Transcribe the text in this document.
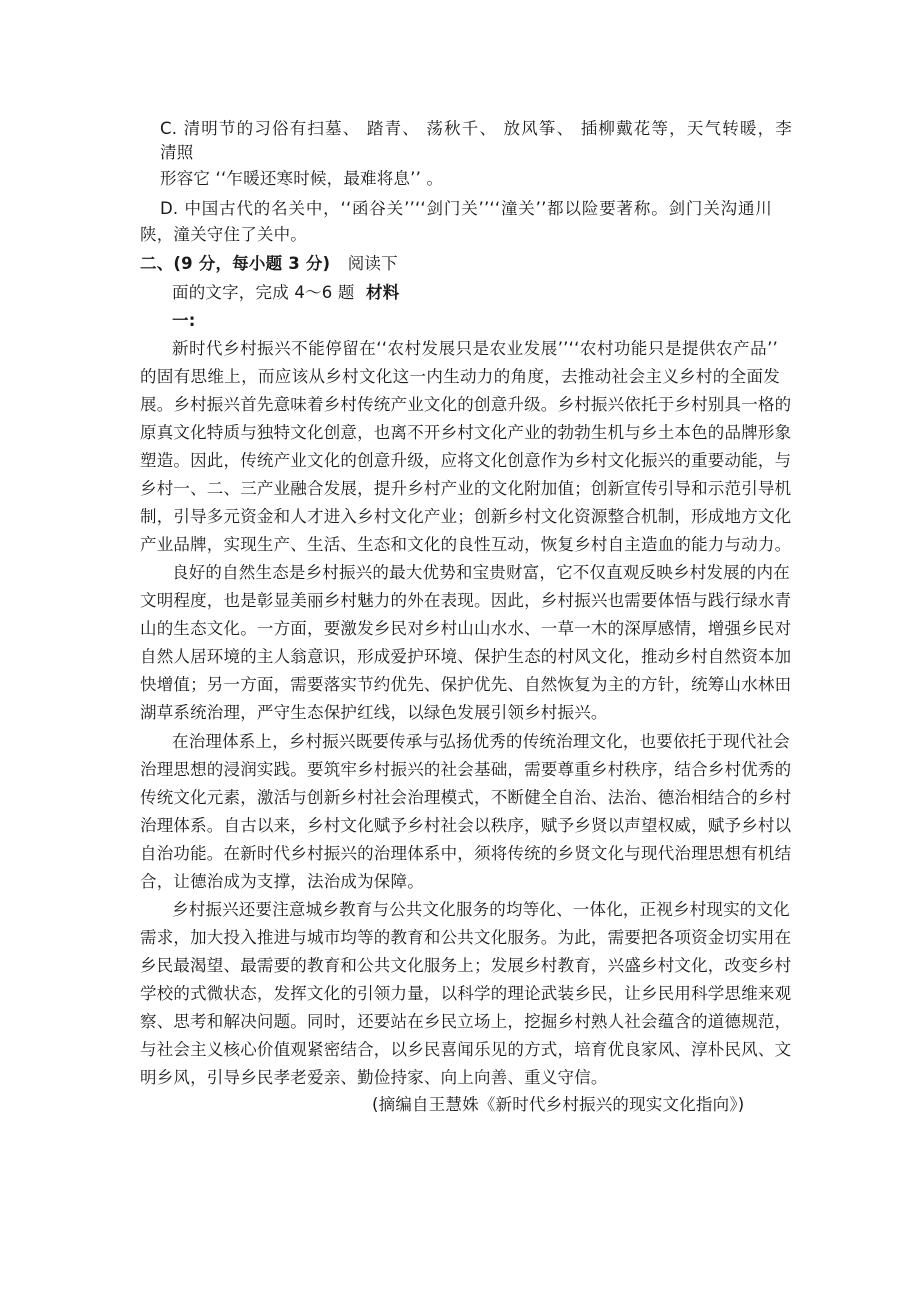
C. 清明节的习俗有扫墓、 踏青、 荡秋千、 放风筝、 插柳戴花等，天气转暖，李
清照
形容它 ‘‘乍暖还寒时候，最难将息’’ 。
D. 中国古代的名关中，‘‘函谷关’’‘‘剑门关’’‘‘潼关’’都以险要著称。剑门关沟通川
陕，潼关守住了关中。
二、(9 分，每小题 3 分) 阅读下
面的文字，完成 4～6 题 材料
一:
新时代乡村振兴不能停留在‘‘农村发展只是农业发展’’‘‘农村功能只是提供农产品’’
的固有思维上，而应该从乡村文化这一内生动力的角度，去推动社会主义乡村的全面发
展。乡村振兴首先意味着乡村传统产业文化的创意升级。乡村振兴依托于乡村别具一格的
原真文化特质与独特文化创意，也离不开乡村文化产业的勃勃生机与乡土本色的品牌形象
塑造。因此，传统产业文化的创意升级，应将文化创意作为乡村文化振兴的重要动能，与
乡村一、二、三产业融合发展，提升乡村产业的文化附加值；创新宣传引导和示范引导机
制，引导多元资金和人才进入乡村文化产业；创新乡村文化资源整合机制，形成地方文化
产业品牌，实现生产、生活、生态和文化的良性互动，恢复乡村自主造血的能力与动力。
良好的自然生态是乡村振兴的最大优势和宝贵财富，它不仅直观反映乡村发展的内在
文明程度，也是彰显美丽乡村魅力的外在表现。因此，乡村振兴也需要体悟与践行绿水青
山的生态文化。一方面，要激发乡民对乡村山山水水、一草一木的深厚感情，增强乡民对
自然人居环境的主人翁意识，形成爱护环境、保护生态的村风文化，推动乡村自然资本加
快增值；另一方面，需要落实节约优先、保护优先、自然恢复为主的方针，统筹山水林田
湖草系统治理，严守生态保护红线，以绿色发展引领乡村振兴。
在治理体系上，乡村振兴既要传承与弘扬优秀的传统治理文化，也要依托于现代社会
治理思想的浸润实践。要筑牢乡村振兴的社会基础，需要尊重乡村秩序，结合乡村优秀的
传统文化元素，激活与创新乡村社会治理模式，不断健全自治、法治、德治相结合的乡村
治理体系。自古以来，乡村文化赋予乡村社会以秩序，赋予乡贤以声望权威，赋予乡村以
自治功能。在新时代乡村振兴的治理体系中，须将传统的乡贤文化与现代治理思想有机结
合，让德治成为支撑，法治成为保障。
乡村振兴还要注意城乡教育与公共文化服务的均等化、一体化，正视乡村现实的文化
需求，加大投入推进与城市均等的教育和公共文化服务。为此，需要把各项资金切实用在
乡民最渴望、最需要的教育和公共文化服务上；发展乡村教育，兴盛乡村文化，改变乡村
学校的式微状态，发挥文化的引领力量，以科学的理论武装乡民，让乡民用科学思维来观
察、思考和解决问题。同时，还要站在乡民立场上，挖掘乡村熟人社会蕴含的道德规范，
与社会主义核心价值观紧密结合，以乡民喜闻乐见的方式，培育优良家风、淳朴民风、文
明乡风，引导乡民孝老爱亲、勤俭持家、向上向善、重义守信。
(摘编自王慧姝《新时代乡村振兴的现实文化指向》)
